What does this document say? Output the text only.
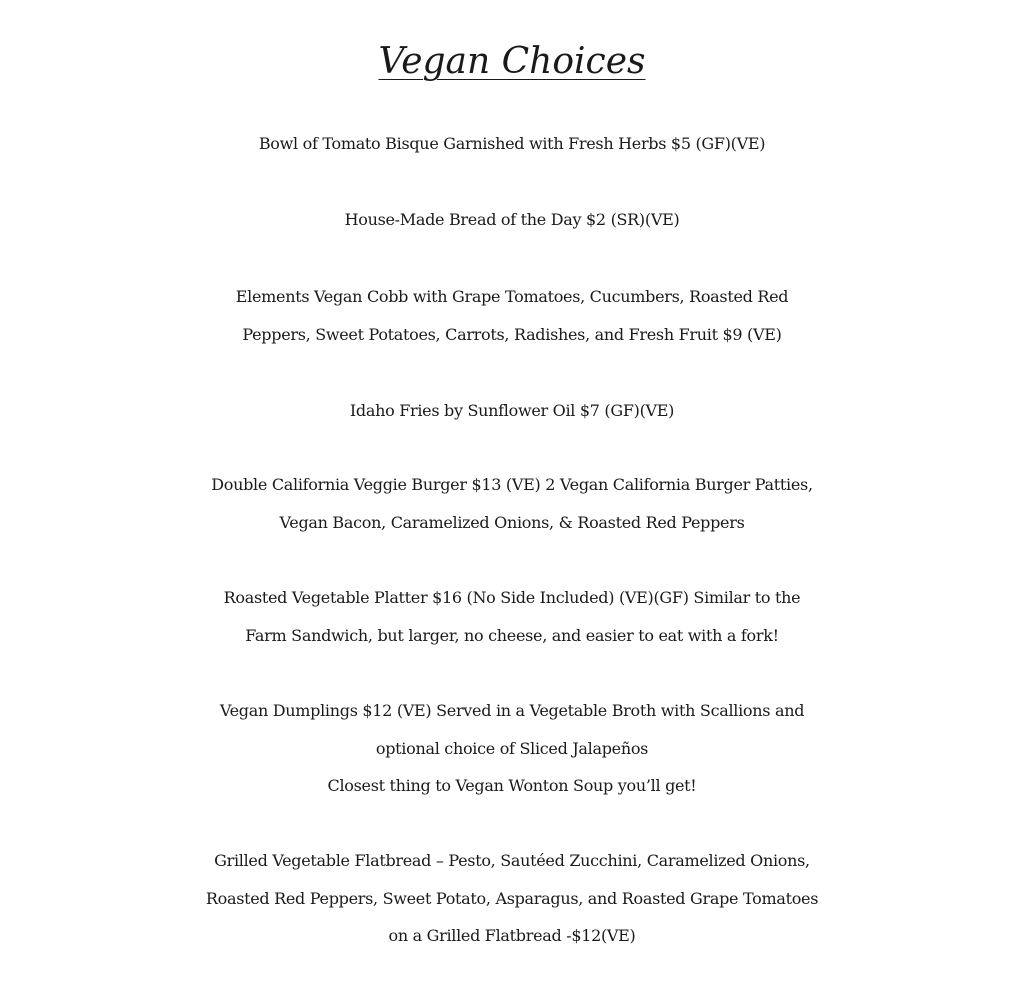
Vegan Choices
Bowl of Tomato Bisque Garnished with Fresh Herbs $5 (GF)(VE)
House-Made Bread of the Day $2 (SR)(VE)
Elements Vegan Cobb with Grape Tomatoes, Cucumbers, Roasted Red
Peppers, Sweet Potatoes, Carrots, Radishes, and Fresh Fruit $9 (VE)
Idaho Fries by Sunflower Oil $7 (GF)(VE)
Double California Veggie Burger $13 (VE) 2 Vegan California Burger Patties,
Vegan Bacon, Caramelized Onions, & Roasted Red Peppers
Roasted Vegetable Platter $16 (No Side Included) (VE)(GF) Similar to the
Farm Sandwich, but larger, no cheese, and easier to eat with a fork!
Vegan Dumplings $12 (VE) Served in a Vegetable Broth with Scallions and
optional choice of Sliced Jalapeños
Closest thing to Vegan Wonton Soup you’ll get!
Grilled Vegetable Flatbread – Pesto, Sautéed Zucchini, Caramelized Onions,
Roasted Red Peppers, Sweet Potato, Asparagus, and Roasted Grape Tomatoes
on a Grilled Flatbread -$12(VE)
